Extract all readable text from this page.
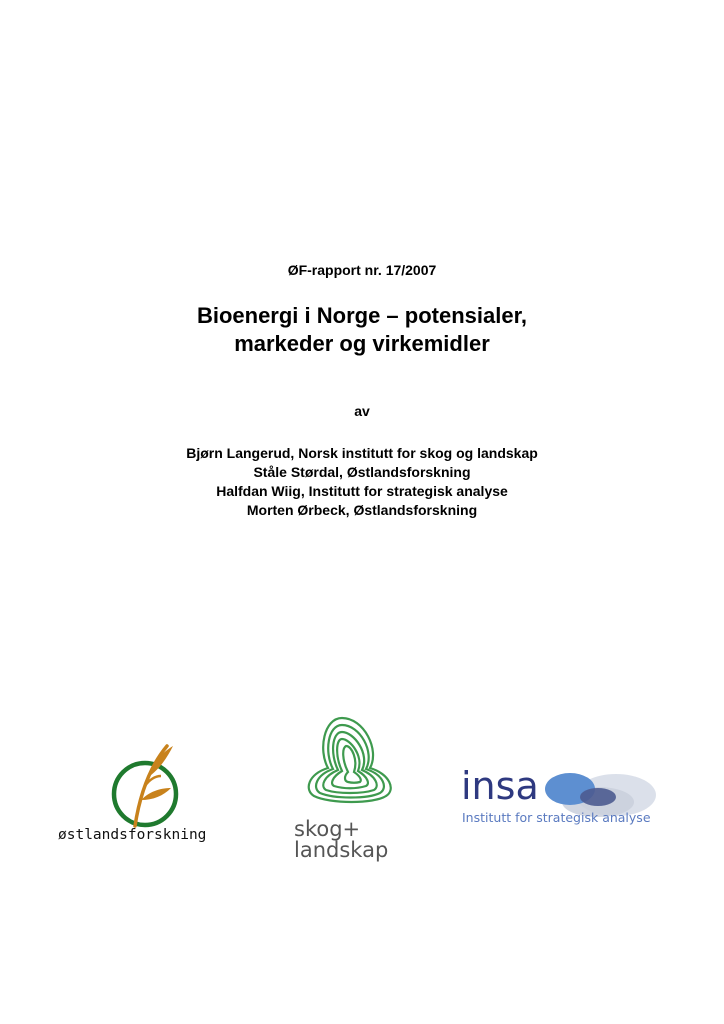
ØF-rapport nr. 17/2007
Bioenergi i Norge – potensialer,
markeder og virkemidler
av
Bjørn Langerud, Norsk institutt for skog og landskap
Ståle Størdal, Østlandsforskning
Halfdan Wiig, Institutt for strategisk analyse
Morten Ørbeck, Østlandsforskning
østlandsforskning	skog+
landskap
insa
Institutt for strategisk analyse
